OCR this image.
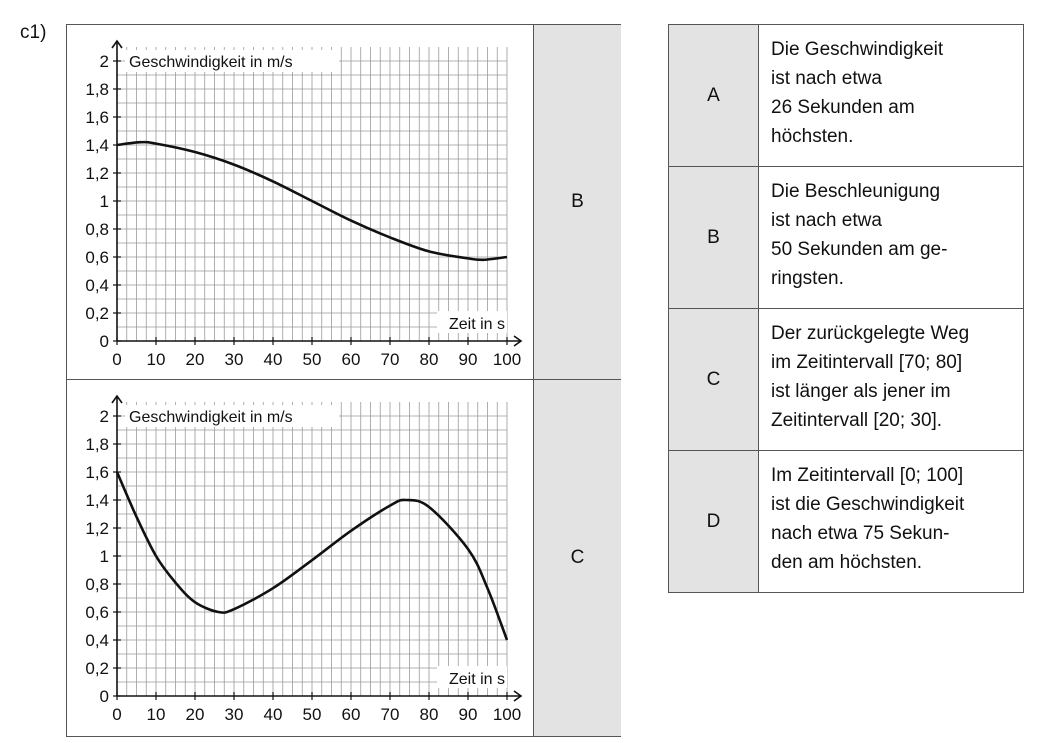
c1)
0 10 20 30 40 50 60 70 80 90 100
0
0,2
0,4
0,6
0,8
1
1,2
1,4
1,6
1,8
2 Geschwindigkeit in m/s
Zeit in s
B
0 10 20 30 40 50 60 70 80 90 100
0
0,2
0,4
0,6
0,8
1
1,2
1,4
1,6
1,8
2 Geschwindigkeit in m/s
Zeit in s
C
A
Die Geschwindigkeit
ist nach etwa
26 Sekunden am
höchsten.
B
Die Beschleunigung
ist nach etwa
50 Sekunden am ge-
ringsten.
C
Der zurückgelegte Weg
im Zeitintervall [70; 80]
ist länger als jener im
Zeitintervall [20; 30].
D
Im Zeitintervall [0; 100]
ist die Geschwindigkeit
nach etwa 75 Sekun-
den am höchsten.
